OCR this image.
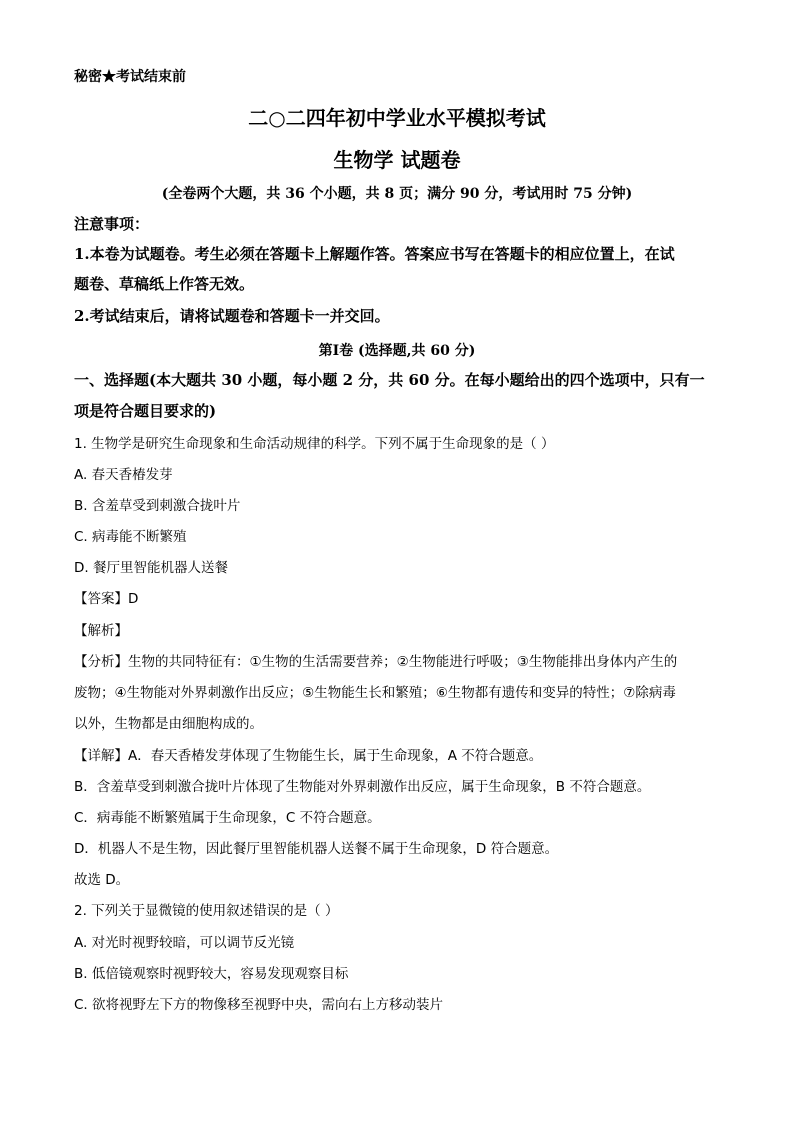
秘密★考试结束前
二○二四年初中学业水平模拟考试
生物学 试题卷
(全卷两个大题，共 36 个小题，共 8 页；满分 90 分，考试用时 75 分钟)
注意事项：
1.本卷为试题卷。考生必须在答题卡上解题作答。答案应书写在答题卡的相应位置上，在试
题卷、草稿纸上作答无效。
2.考试结束后，请将试题卷和答题卡一并交回。
第Ⅰ卷 (选择题,共 60 分)
一、选择题(本大题共 30 小题，每小题 2 分，共 60 分。在每小题给出的四个选项中，只有一
项是符合题目要求的)
1. 生物学是研究生命现象和生命活动规律的科学。下列不属于生命现象的是（ ）
A. 春天香椿发芽
B. 含羞草受到刺激合拢叶片
C. 病毒能不断繁殖
D. 餐厅里智能机器人送餐
【答案】D
【解析】
【分析】生物的共同特征有：①生物的生活需要营养；②生物能进行呼吸；③生物能排出身体内产生的
废物；④生物能对外界刺激作出反应；⑤生物能生长和繁殖；⑥生物都有遗传和变异的特性；⑦除病毒
以外，生物都是由细胞构成的。
【详解】A．春天香椿发芽体现了生物能生长，属于生命现象，A 不符合题意。
B．含羞草受到刺激合拢叶片体现了生物能对外界刺激作出反应，属于生命现象，B 不符合题意。
C．病毒能不断繁殖属于生命现象，C 不符合题意。
D．机器人不是生物，因此餐厅里智能机器人送餐不属于生命现象，D 符合题意。
故选 D。
2. 下列关于显微镜的使用叙述错误的是（ ）
A. 对光时视野较暗，可以调节反光镜
B. 低倍镜观察时视野较大，容易发现观察目标
C. 欲将视野左下方的物像移至视野中央，需向右上方移动装片
